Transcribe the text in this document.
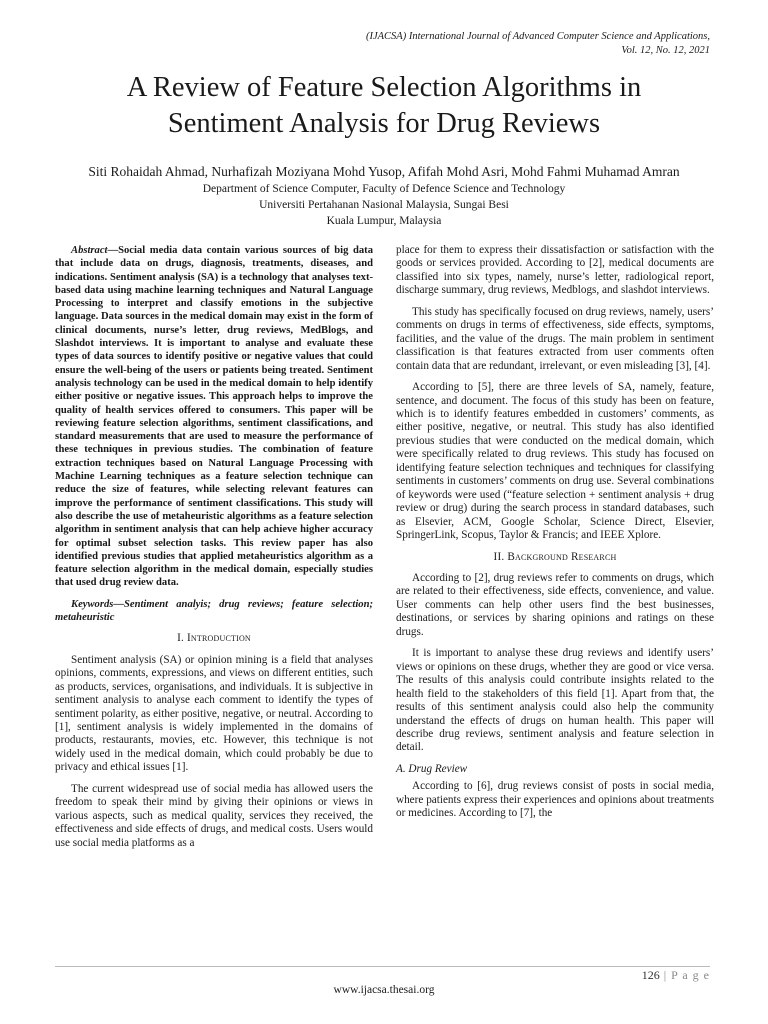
(IJACSA) International Journal of Advanced Computer Science and Applications,
Vol. 12, No. 12, 2021
A Review of Feature Selection Algorithms in
Sentiment Analysis for Drug Reviews
Siti Rohaidah Ahmad, Nurhafizah Moziyana Mohd Yusop, Afifah Mohd Asri, Mohd Fahmi Muhamad Amran
Department of Science Computer, Faculty of Defence Science and Technology
Universiti Pertahanan Nasional Malaysia, Sungai Besi
Kuala Lumpur, Malaysia

Abstract—Social media data contain various sources of big data that include data on drugs, diagnosis, treatments, diseases, and indications. Sentiment analysis (SA) is a technology that analyses text-based data using machine learning techniques and Natural Language Processing to interpret and classify emotions in the subjective language. Data sources in the medical domain may exist in the form of clinical documents, nurse’s letter, drug reviews, MedBlogs, and Slashdot interviews. It is important to analyse and evaluate these types of data sources to identify positive or negative values that could ensure the well-being of the users or patients being treated. Sentiment analysis technology can be used in the medical domain to help identify either positive or negative issues. This approach helps to improve the quality of health services offered to consumers. This paper will be reviewing feature selection algorithms, sentiment classifications, and standard measurements that are used to measure the performance of these techniques in previous studies. The combination of feature extraction techniques based on Natural Language Processing with Machine Learning techniques as a feature selection technique can reduce the size of features, while selecting relevant features can improve the performance of sentiment classifications. This study will also describe the use of metaheuristic algorithms as a feature selection algorithm in sentiment analysis that can help achieve higher accuracy for optimal subset selection tasks. This review paper has also identified previous studies that applied metaheuristics algorithm as a feature selection algorithm in the medical domain, especially studies that used drug review data.

Keywords—Sentiment analyis; drug reviews; feature selection; metaheuristic

I. Introduction

Sentiment analysis (SA) or opinion mining is a field that analyses opinions, comments, expressions, and views on different entities, such as products, services, organisations, and individuals. It is subjective in sentiment analysis to analyse each comment to identify the types of sentiment polarity, as either positive, negative, or neutral. According to [1], sentiment analysis is widely implemented in the domains of products, restaurants, movies, etc. However, this technique is not widely used in the medical domain, which could probably be due to privacy and ethical issues [1].

The current widespread use of social media has allowed users the freedom to speak their mind by giving their opinions or views in various aspects, such as medical quality, services they received, the effectiveness and side effects of drugs, and medical costs. Users would use social media platforms as a

place for them to express their dissatisfaction or satisfaction with the goods or services provided. According to [2], medical documents are classified into six types, namely, nurse’s letter, radiological report, discharge summary, drug reviews, Medblogs, and slashdot interviews.

This study has specifically focused on drug reviews, namely, users’ comments on drugs in terms of effectiveness, side effects, symptoms, facilities, and the value of the drugs. The main problem in sentiment classification is that features extracted from user comments often contain data that are redundant, irrelevant, or even misleading [3], [4].

According to [5], there are three levels of SA, namely, feature, sentence, and document. The focus of this study has been on feature, which is to identify features embedded in customers’ comments, as either positive, negative, or neutral. This study has also identified previous studies that were conducted on the medical domain, which were specifically related to drug reviews. This study has focused on identifying feature selection techniques and techniques for classifying sentiments in customers’ comments on drug use. Several combinations of keywords were used (“feature selection + sentiment analysis + drug review or drug) during the search process in standard databases, such as Elsevier, ACM, Google Scholar, Science Direct, Elsevier, SpringerLink, Scopus, Taylor & Francis; and IEEE Xplore.

II. Background Research

According to [2], drug reviews refer to comments on drugs, which are related to their effectiveness, side effects, convenience, and value. User comments can help other users find the best businesses, destinations, or services by sharing opinions and ratings on these drugs.

It is important to analyse these drug reviews and identify users’ views or opinions on these drugs, whether they are good or vice versa. The results of this analysis could contribute insights related to the health field to the stakeholders of this field [1]. Apart from that, the results of this sentiment analysis could also help the community understand the effects of drugs on human health. This paper will describe drug reviews, sentiment analysis and feature selection in detail.

A. Drug Review

According to [6], drug reviews consist of posts in social media, where patients express their experiences and opinions about treatments or medicines. According to [7], the

126 | P a g e
www.ijacsa.thesai.org
